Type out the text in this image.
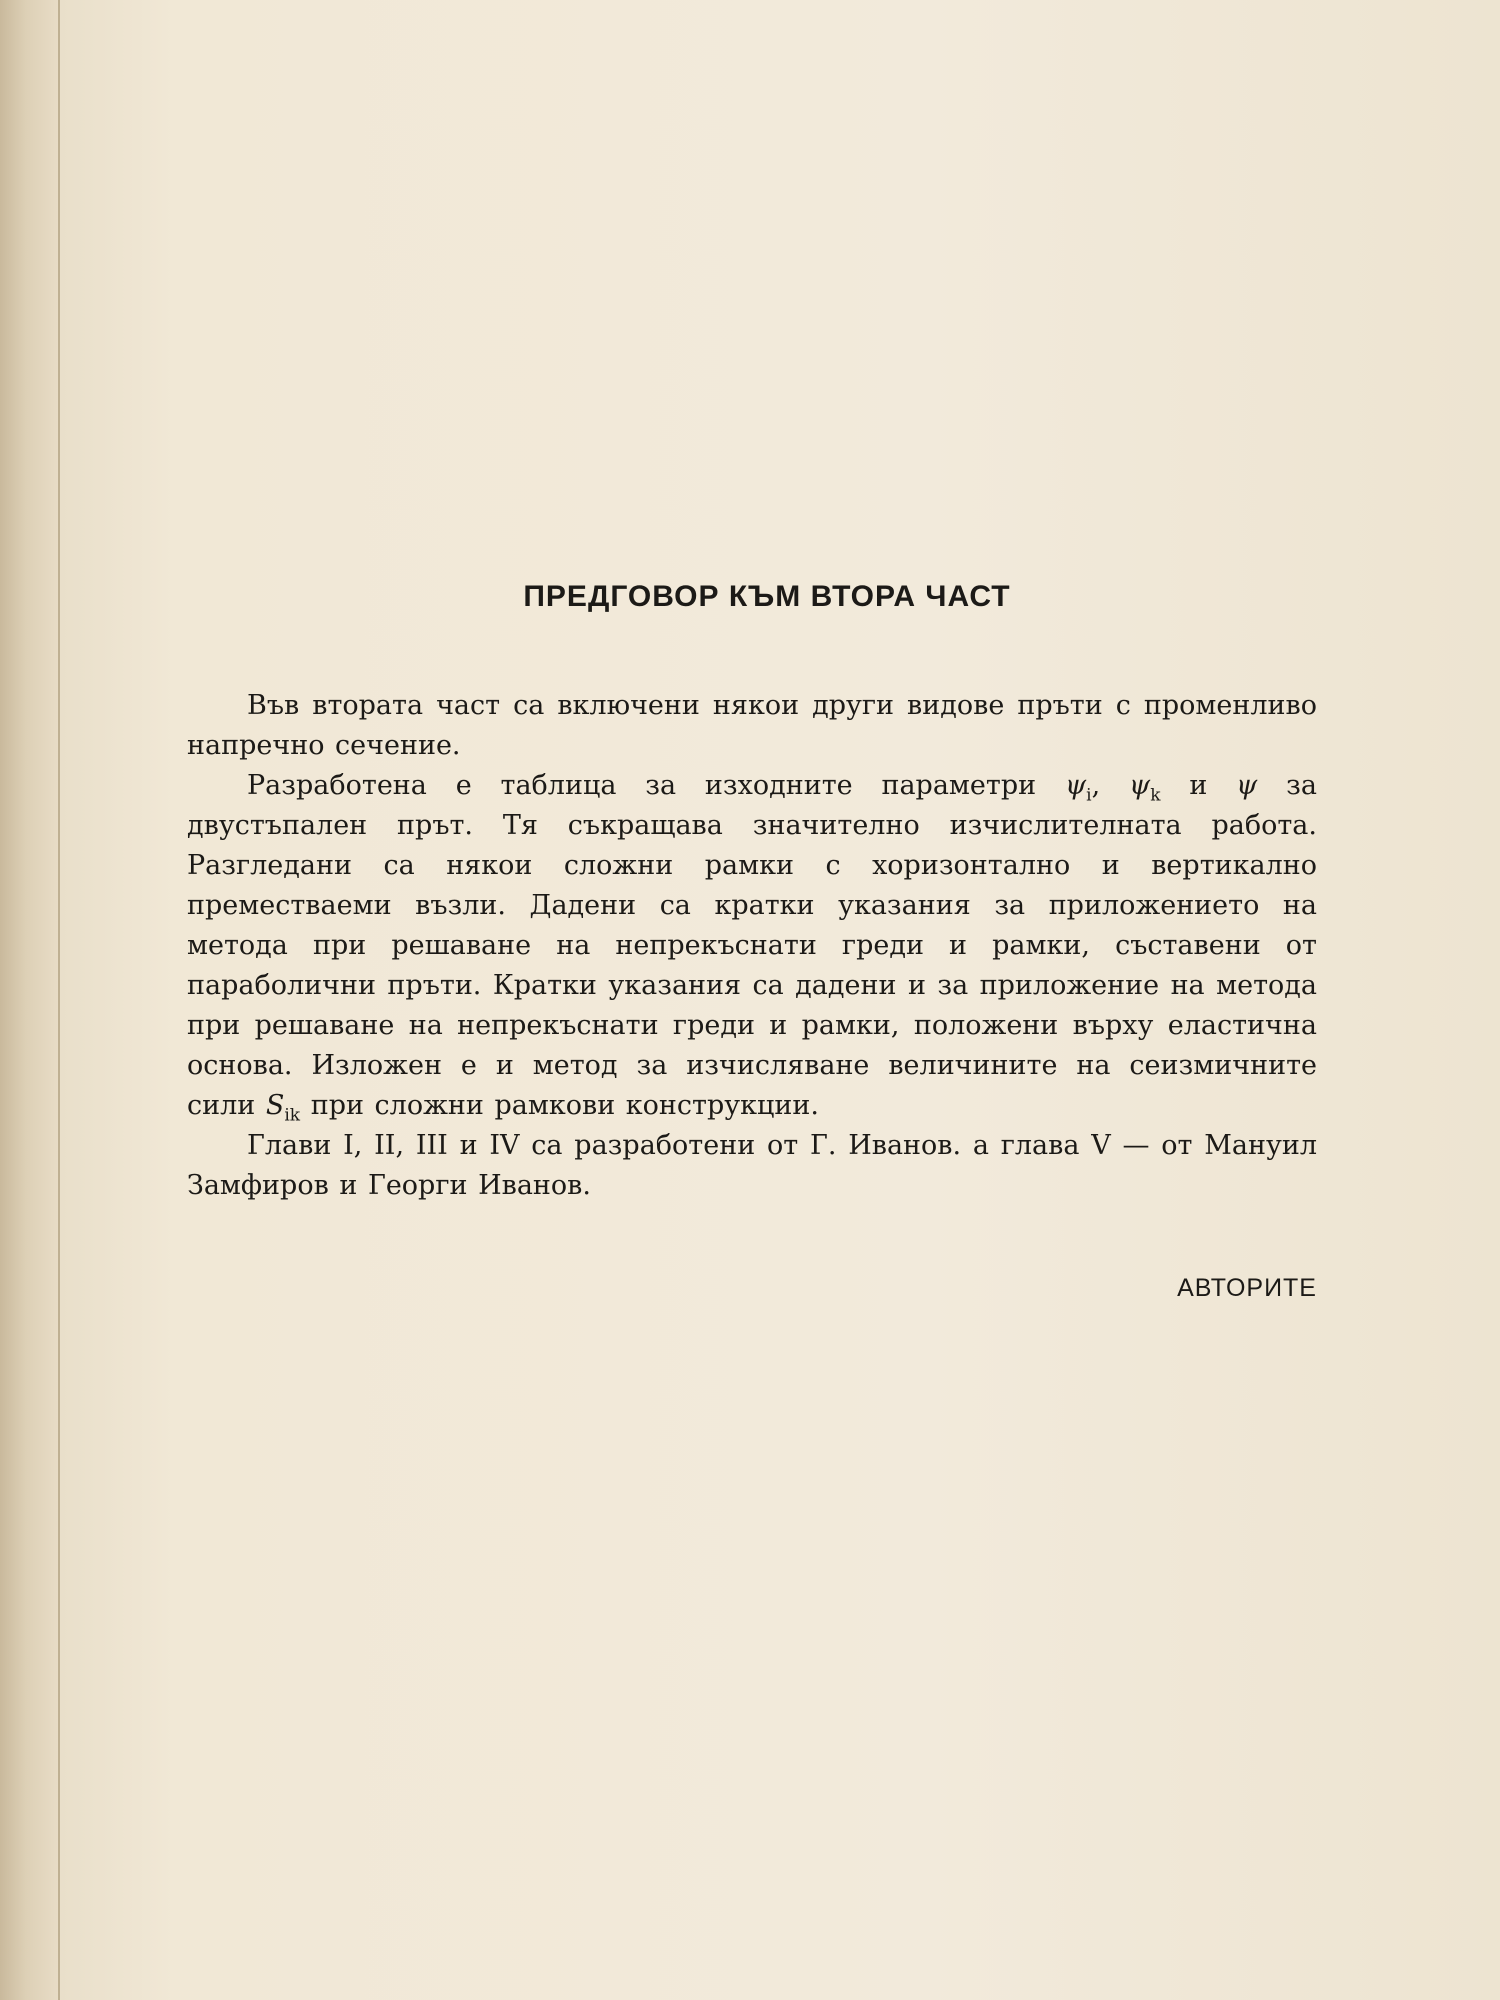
ПРЕДГОВОР КЪМ ВТОРА ЧАСТ

Във втората част са включени някои други видове пръти с променливо напречно сечение.

Разработена е таблица за изходните параметри $\psi_i$, $\psi_k$ и ψ за двустъпален прът. Тя съкращава значително изчислителната работа. Разгледани са някои сложни рамки с хоризонтално и вертикално преместваеми възли. Дадени са кратки указания за приложението на метода при решаване на непрекъснати греди и рамки, съставени от параболични пръти. Кратки указания са дадени и за приложение на метода при решаване на непрекъснати греди и рамки, положени върху еластична основа. Изложен е и метод за изчисляване величините на сеизмичните сили $S_{ik}$ при сложни рамкови конструкции.

Глави I, II, III и IV са разработени от Г. Иванов. а глава V — от Мануил Замфиров и Георги Иванов.

АВТОРИТЕ
